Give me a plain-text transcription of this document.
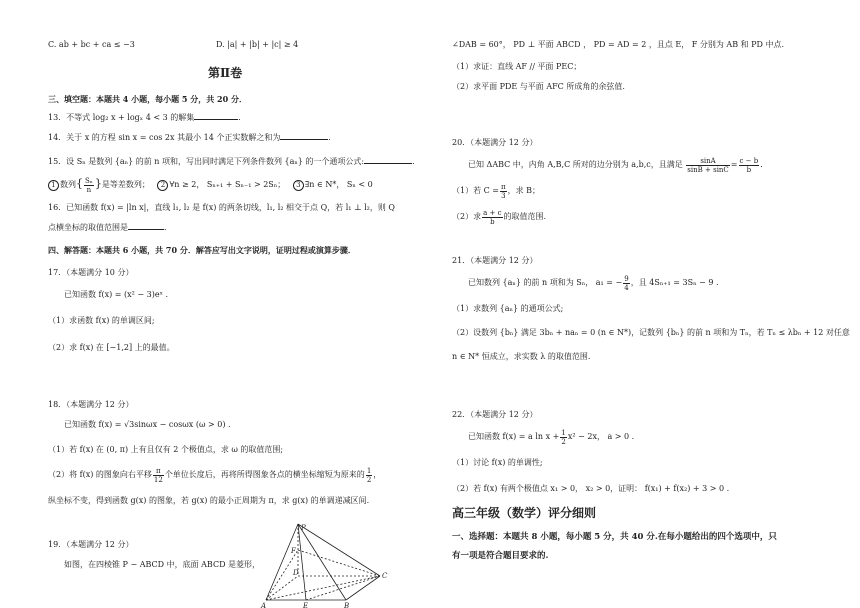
C. ab + bc + ca ≤ −3	D. |a| + |b| + |c| ≥ 4
第Ⅱ卷
三、填空题：本题共 4 小题，每小题 5 分，共 20 分．
13．不等式 log₂ x + logₓ 4 < 3 的解集	．
14．关于 x 的方程 sin x = cos 2x 其最小 14 个正实数解之和为	．
15．设 Sₙ 是数列 {aₙ} 的前 n 项和，写出同时满足下列条件数列 {aₙ} 的一个通项公式:	．
1 数列{ $\frac{\text{Sₙ}}{n}$ }是等差数列； 2 ∀n ≥ 2， Sₙ₊₁ + Sₙ₋₁ > 2Sₙ； 3 ∃n ∈ N*， Sₙ < 0
16．已知函数 f(x) = |ln x|，直线 l₁, l₂ 是 f(x) 的两条切线，l₁, l₂ 相交于点 Q，若 l₁ ⊥ l₂，则 Q
点横坐标的取值范围是	．
四、解答题：本题共 6 小题，共 70 分．解答应写出文字说明，证明过程或演算步骤．
17．（本题满分 10 分）
已知函数 f(x) = (x² − 3)eˣ .
（1）求函数 f(x) 的单调区间;
（2）求 f(x) 在 [−1,2] 上的最值。
18．（本题满分 12 分）
已知函数 f(x) = √3sinωx − cosωx (ω > 0) .
（1）若 f(x) 在 (0, π) 上有且仅有 2 个极值点，求 ω 的取值范围;
（2）将 f(x) 的图象向右平移 $\frac{\pi}{12}$ 个单位长度后，再将所得图象各点的横坐标缩短为原来的 $\frac{1}{2}$ ，
纵坐标不变，得到函数 g(x) 的图象，若 g(x) 的最小正周期为 π，求 g(x) 的单调递减区间.
19．（本题满分 12 分）
如图，在四棱锥 P − ABCD 中，底面 ABCD 是菱形，
P
F
D
A	E	B
C
∠DAB = 60°， PD ⊥ 平面 ABCD ， PD = AD = 2 ，且点 E， F 分别为 AB 和 PD 中点.
（1）求证：直线 AF // 平面 PEC；
（2）求平面 PDE 与平面 AFC 所成角的余弦值.
20．（本题满分 12 分）
已知 ΔABC 中，内角 A,B,C 所对的边分别为 a,b,c，且满足 $\frac{\sin A}{\sin B + \sin C} = \frac{c - b}{b}$ ．
（1）若 $C = \frac{\pi}{3}$ ，求 B；
（2）求 $\frac{a + c}{b}$ 的取值范围.
21．（本题满分 12 分）
已知数列 {aₙ} 的前 n 项和为 Sₙ， a₁ = − $\frac{9}{4}$ ，且 4Sₙ₊₁ = 3Sₙ − 9 .
（1）求数列 {aₙ} 的通项公式;
（2）设数列 {bₙ} 满足 3bₙ + naₙ = 0 (n ∈ N*)，记数列 {bₙ} 的前 n 项和为 Tₙ，若 Tₙ ≤ λbₙ + 12 对任意
n ∈ N* 恒成立，求实数 λ 的取值范围.
22．（本题满分 12 分）
已知函数 f(x) = a $\ln x + \frac{1}{2} x^2 - 2x$， a > 0 .
（1）讨论 f(x) 的单调性;
（2）若 f(x) 有两个极值点 x₁ > 0， x₂ > 0，证明： f(x₁) + f(x₂) + 3 > 0 .
高三年级（数学）评分细则
一、选择题：本题共 8 小题，每小题 5 分，共 40 分.在每小题给出的四个选项中，只
有一项是符合题目要求的.
